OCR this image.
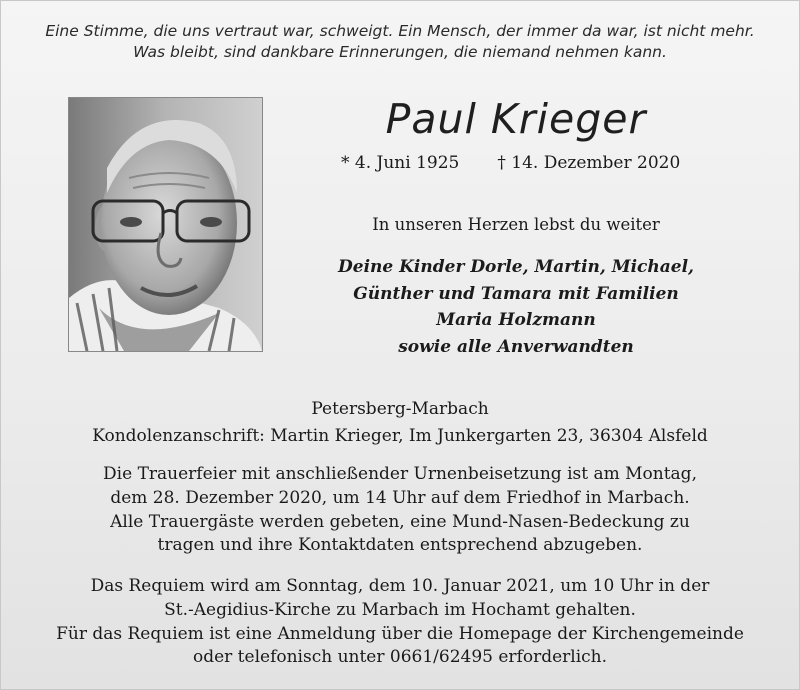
Eine Stimme, die uns vertraut war, schweigt. Ein Mensch, der immer da war, ist nicht mehr.
Was bleibt, sind dankbare Erinnerungen, die niemand nehmen kann.
Paul Krieger
* 4. Juni 1925 † 14. Dezember 2020
In unseren Herzen lebst du weiter
Deine Kinder Dorle, Martin, Michael,
Günther und Tamara mit Familien
Maria Holzmann
sowie alle Anverwandten
Petersberg-Marbach
Kondolenzanschrift: Martin Krieger, Im Junkergarten 23, 36304 Alsfeld
Die Trauerfeier mit anschließender Urnenbeisetzung ist am Montag,
dem 28. Dezember 2020, um 14 Uhr auf dem Friedhof in Marbach.
Alle Trauergäste werden gebeten, eine Mund-Nasen-Bedeckung zu
tragen und ihre Kontaktdaten entsprechend abzugeben.
Das Requiem wird am Sonntag, dem 10. Januar 2021, um 10 Uhr in der
St.-Aegidius-Kirche zu Marbach im Hochamt gehalten.
Für das Requiem ist eine Anmeldung über die Homepage der Kirchengemeinde
oder telefonisch unter 0661/62495 erforderlich.
